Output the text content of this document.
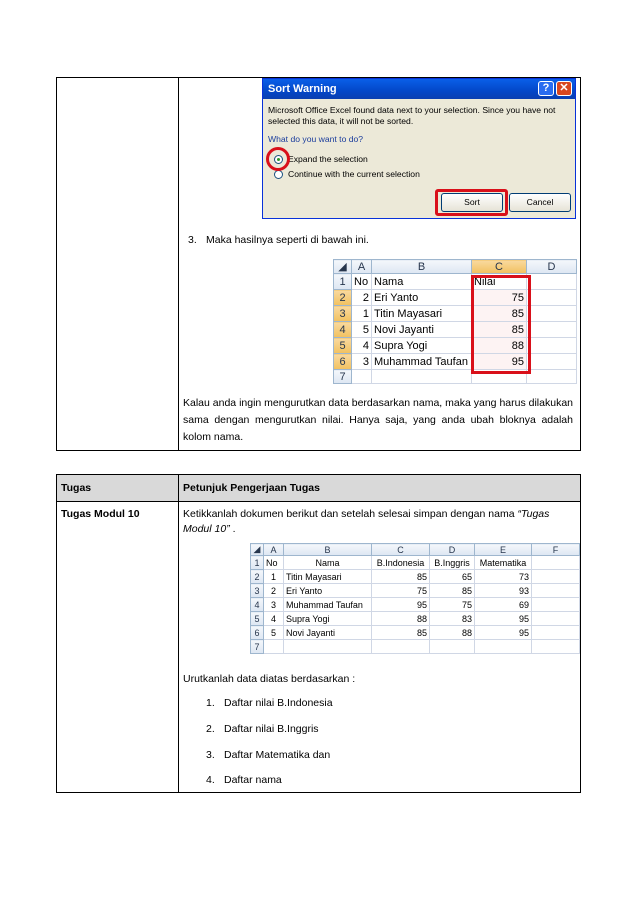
Sort Warning	? ✕
Microsoft Office Excel found data next to your selection. Since you have not selected this data, it will not be sorted.
What do you want to do?
Expand the selection
Continue with the current selection
Sort	Cancel
3. Maka hasilnya seperti di bawah ini.
◢	A	B	C	D
1	No	Nama	Nilai	
2	2	Eri Yanto	75	
3	1	Titin Mayasari	85	
4	5	Novi Jayanti	85	
5	4	Supra Yogi	88	
6	3	Muhammad Taufan	95	
7				
Kalau anda ingin mengurutkan data berdasarkan nama, maka yang harus dilakukan sama dengan mengurutkan nilai. Hanya saja, yang anda ubah bloknya adalah kolom nama.
Tugas	Petunjuk Pengerjaan Tugas
Tugas Modul 10	Ketikkanlah dokumen berikut dan setelah selesai simpan dengan nama “Tugas Modul 10” .
◢	A	B	C	D	E	F
1	No	Nama	B.Indonesia	B.Inggris	Matematika	
2	1	Titin Mayasari	85	65	73	
3	2	Eri Yanto	75	85	93	
4	3	Muhammad Taufan	95	75	69	
5	4	Supra Yogi	88	83	95	
6	5	Novi Jayanti	85	88	95	
7						
Urutkanlah data diatas berdasarkan :
1. Daftar nilai B.Indonesia
2. Daftar nilai B.Inggris
3. Daftar Matematika dan
4. Daftar nama
